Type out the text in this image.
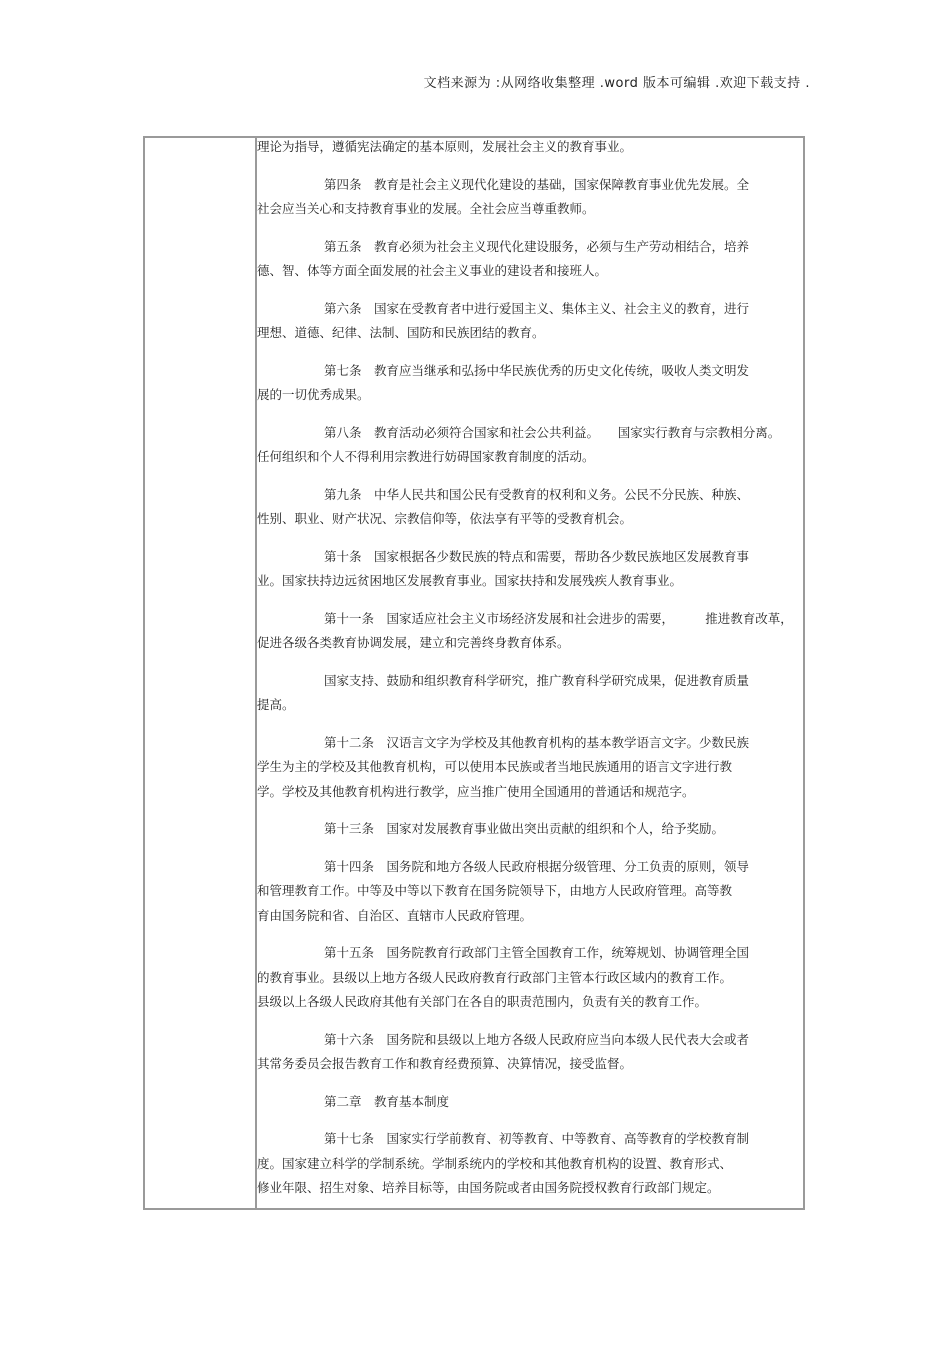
文档来源为 :从网络收集整理 .word 版本可编辑 .欢迎下载支持 .
理论为指导，遵循宪法确定的基本原则，发展社会主义的教育事业。
第四条　教育是社会主义现代化建设的基础，国家保障教育事业优先发展。全
社会应当关心和支持教育事业的发展。全社会应当尊重教师。
第五条　教育必须为社会主义现代化建设服务，必须与生产劳动相结合，培养
德、智、体等方面全面发展的社会主义事业的建设者和接班人。
第六条　国家在受教育者中进行爱国主义、集体主义、社会主义的教育，进行
理想、道德、纪律、法制、国防和民族团结的教育。
第七条　教育应当继承和弘扬中华民族优秀的历史文化传统，吸收人类文明发
展的一切优秀成果。
第八条　教育活动必须符合国家和社会公共利益。　　国家实行教育与宗教相分离。
任何组织和个人不得利用宗教进行妨碍国家教育制度的活动。
第九条　中华人民共和国公民有受教育的权利和义务。公民不分民族、种族、
性别、职业、财产状况、宗教信仰等，依法享有平等的受教育机会。
第十条　国家根据各少数民族的特点和需要，帮助各少数民族地区发展教育事
业。国家扶持边远贫困地区发展教育事业。国家扶持和发展残疾人教育事业。
第十一条　国家适应社会主义市场经济发展和社会进步的需要，　　　推进教育改革，
促进各级各类教育协调发展，建立和完善终身教育体系。
国家支持、鼓励和组织教育科学研究，推广教育科学研究成果，促进教育质量
提高。
第十二条　汉语言文字为学校及其他教育机构的基本教学语言文字。少数民族
学生为主的学校及其他教育机构，可以使用本民族或者当地民族通用的语言文字进行教
学。学校及其他教育机构进行教学，应当推广使用全国通用的普通话和规范字。
第十三条　国家对发展教育事业做出突出贡献的组织和个人，给予奖励。
第十四条　国务院和地方各级人民政府根据分级管理、分工负责的原则，领导
和管理教育工作。中等及中等以下教育在国务院领导下，由地方人民政府管理。高等教
育由国务院和省、自治区、直辖市人民政府管理。
第十五条　国务院教育行政部门主管全国教育工作，统筹规划、协调管理全国
的教育事业。县级以上地方各级人民政府教育行政部门主管本行政区域内的教育工作。
县级以上各级人民政府其他有关部门在各自的职责范围内，负责有关的教育工作。
第十六条　国务院和县级以上地方各级人民政府应当向本级人民代表大会或者
其常务委员会报告教育工作和教育经费预算、决算情况，接受监督。
第二章　教育基本制度
第十七条　国家实行学前教育、初等教育、中等教育、高等教育的学校教育制
度。国家建立科学的学制系统。学制系统内的学校和其他教育机构的设置、教育形式、
修业年限、招生对象、培养目标等，由国务院或者由国务院授权教育行政部门规定。
